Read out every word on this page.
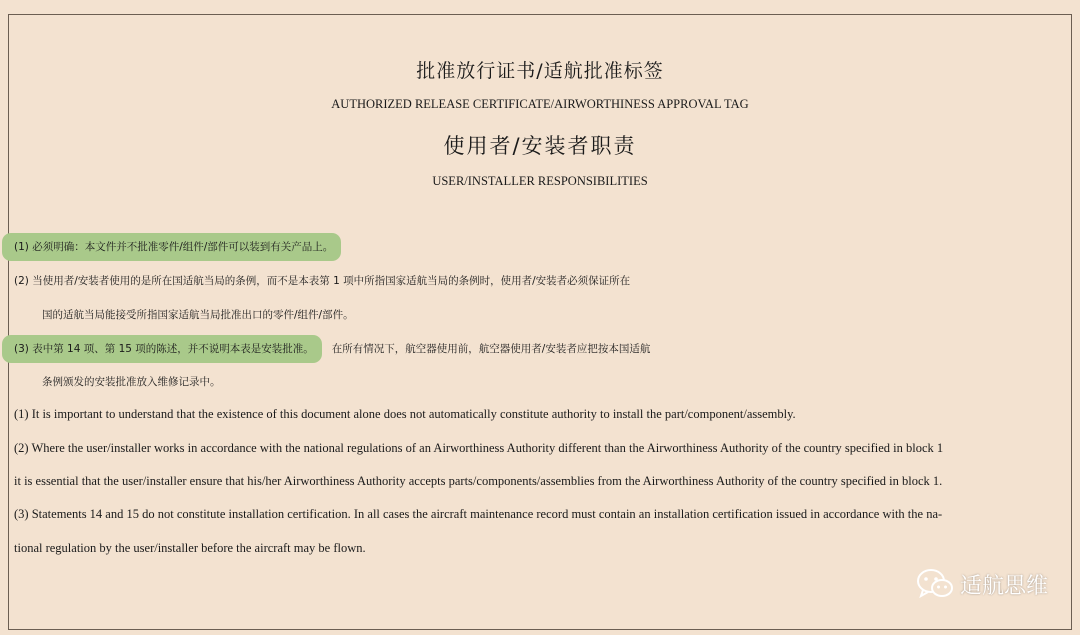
批准放行证书/适航批准标签
AUTHORIZED RELEASE CERTIFICATE/AIRWORTHINESS APPROVAL TAG
使用者/安装者职责
USER/INSTALLER RESPONSIBILITIES
(1) 必须明确：本文件并不批准零件/组件/部件可以装到有关产品上。
(2) 当使用者/安装者使用的是所在国适航当局的条例，而不是本表第 1 项中所指国家适航当局的条例时，使用者/安装者必须保证所在
国的适航当局能接受所指国家适航当局批准出口的零件/组件/部件。
(3) 表中第 14 项、第 15 项的陈述，并不说明本表是安装批准。 在所有情况下，航空器使用前，航空器使用者/安装者应把按本国适航
条例颁发的安装批准放入维修记录中。
(1) It is important to understand that the existence of this document alone does not automatically constitute authority to install the part/component/assembly.
(2) Where the user/installer works in accordance with the national regulations of an Airworthiness Authority different than the Airworthiness Authority of the country specified in block 1
it is essential that the user/installer ensure that his/her Airworthiness Authority accepts parts/components/assemblies from the Airworthiness Authority of the country specified in block 1.
(3) Statements 14 and 15 do not constitute installation certification. In all cases the aircraft maintenance record must contain an installation certification issued in accordance with the na-
tional regulation by the user/installer before the aircraft may be flown.
适航思维
